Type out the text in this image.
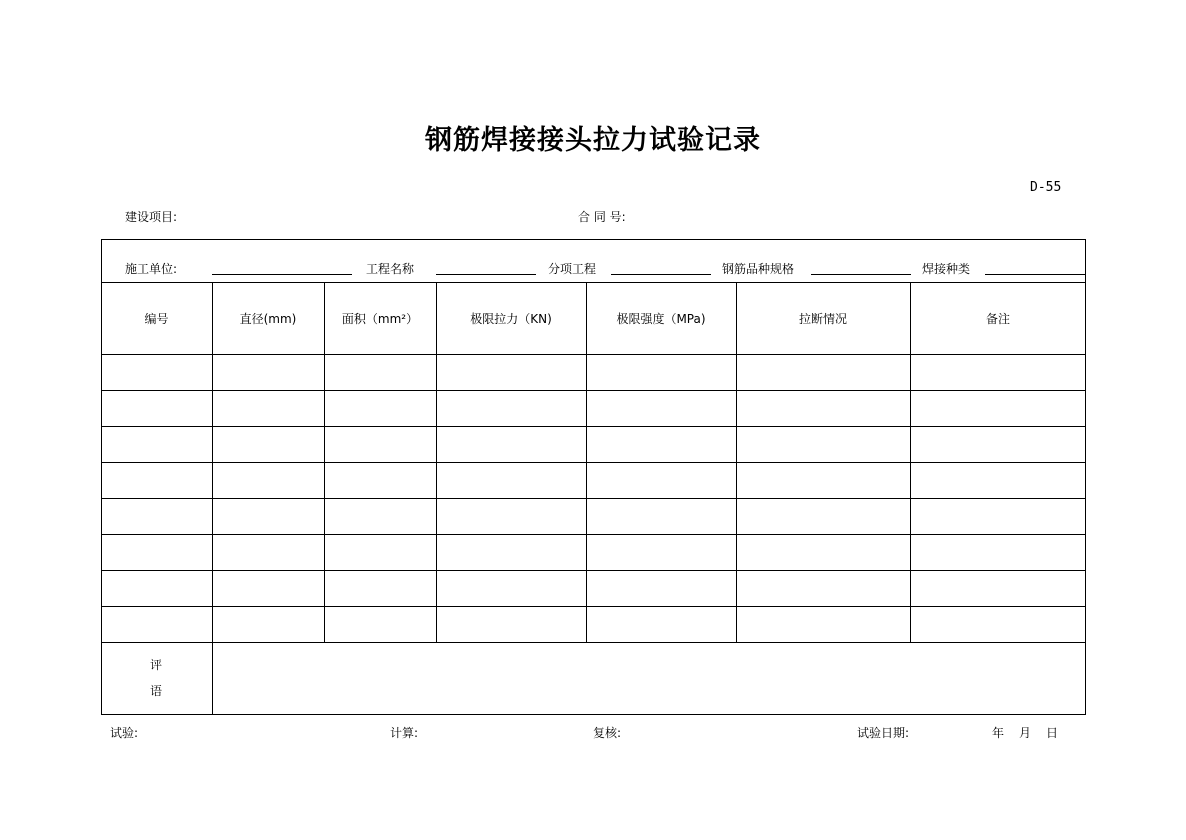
钢筋焊接接头拉力试验记录
D-55
建设项目:	合 同 号:
施工单位:	工程名称	分项工程	钢筋品种规格	焊接种类
编号	直径(mm)	面积（mm²）	极限拉力（KN)	极限强度（MPa)	拉断情况	备注
评
语
试验:	计算:	复核:	试验日期:	年 月 日
